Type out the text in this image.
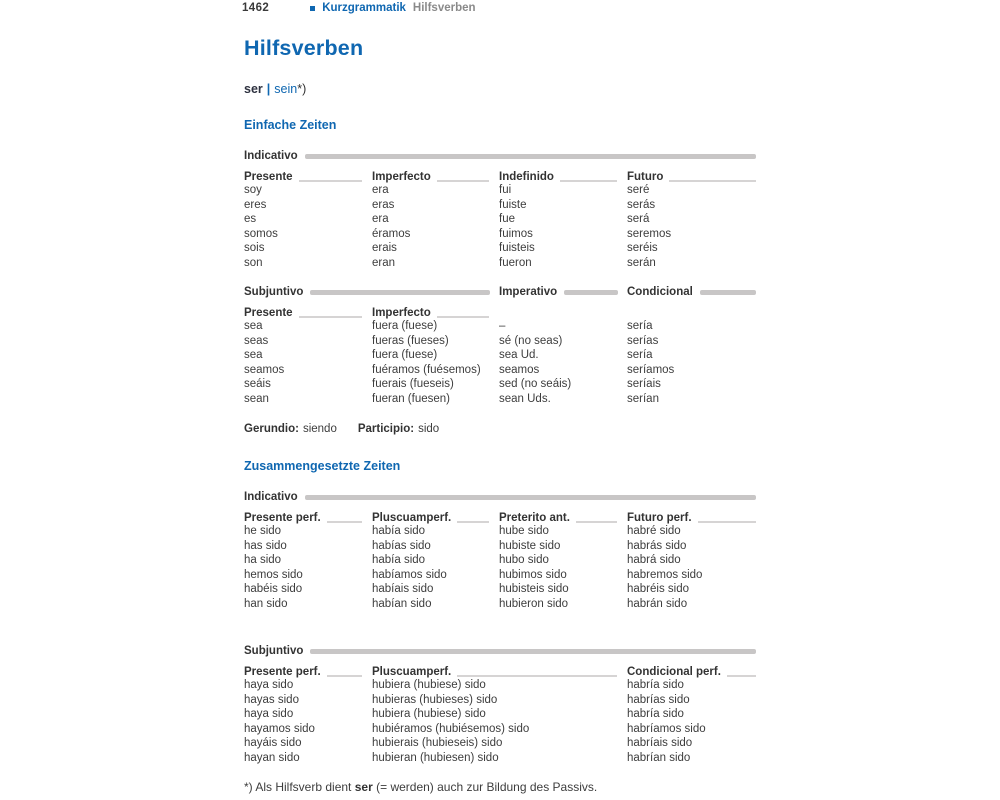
1462	Kurzgrammatik Hilfsverben
Hilfsverben
ser | sein*)
Einfache Zeiten
Indicativo
Presente	Imperfecto	Indefinido	Futuro
soy	era	fui	seré
eres	eras	fuiste	serás
es	era	fue	será
somos	éramos	fuimos	seremos
sois	erais	fuisteis	seréis
son	eran	fueron	serán
Subjuntivo	Imperativo	Condicional
Presente	Imperfecto
sea	fuera (fuese)	–	sería
seas	fueras (fueses)	sé (no seas)	serías
sea	fuera (fuese)	sea Ud.	sería
seamos	fuéramos (fuésemos)	seamos	seríamos
seáis	fuerais (fueseis)	sed (no seáis)	seríais
sean	fueran (fuesen)	sean Uds.	serían
Gerundio: siendo Participio: sido
Zusammengesetzte Zeiten
Indicativo
Presente perf.	Pluscuamperf.	Preterito ant.	Futuro perf.
he sido	había sido	hube sido	habré sido
has sido	habías sido	hubiste sido	habrás sido
ha sido	había sido	hubo sido	habrá sido
hemos sido	habíamos sido	hubimos sido	habremos sido
habéis sido	habíais sido	hubisteis sido	habréis sido
han sido	habían sido	hubieron sido	habrán sido
Subjuntivo
Presente perf.	Pluscuamperf.	Condicional perf.
haya sido	hubiera (hubiese) sido	habría sido
hayas sido	hubieras (hubieses) sido	habrías sido
haya sido	hubiera (hubiese) sido	habría sido
hayamos sido	hubiéramos (hubiésemos) sido	habríamos sido
hayáis sido	hubierais (hubieseis) sido	habríais sido
hayan sido	hubieran (hubiesen) sido	habrían sido
*) Als Hilfsverb dient ser (= werden) auch zur Bildung des Passivs.
